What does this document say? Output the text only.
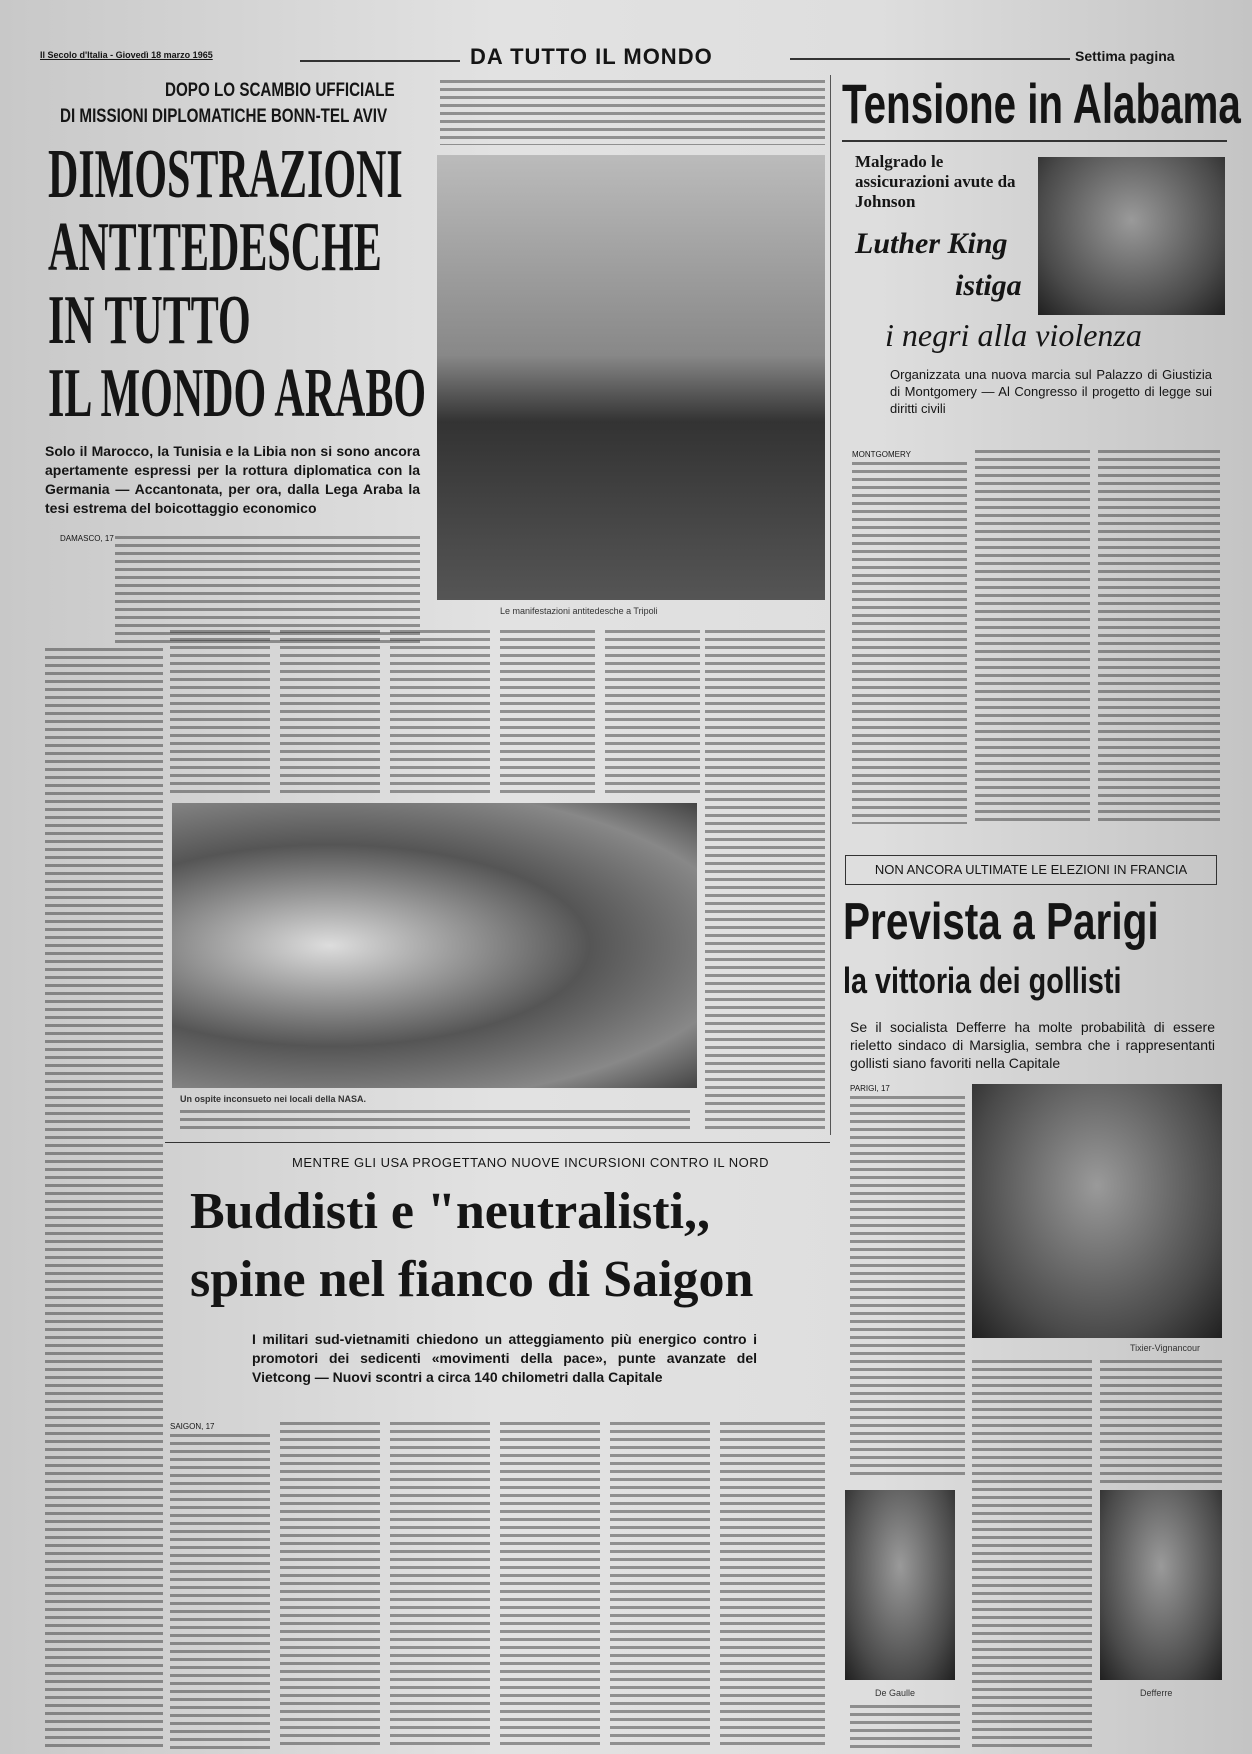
Il Secolo d'Italia - Giovedì 18 marzo 1965	DA TUTTO IL MONDO	Settima pagina
DOPO LO SCAMBIO UFFICIALE
DI MISSIONI DIPLOMATICHE BONN-TEL AVIV
DIMOSTRAZIONI
ANTITEDESCHE
IN TUTTO
IL MONDO ARABO
Solo il Marocco, la Tunisia e la Libia non si sono ancora apertamente espressi per la rottura diplomatica con la Germania — Accantonata, per ora, dalla Lega Araba la tesi estrema del boicottaggio economico
DAMASCO, 17
Le manifestazioni antitedesche a Tripoli
Un ospite inconsueto nei locali della NASA.
MENTRE GLI USA PROGETTANO NUOVE INCURSIONI CONTRO IL NORD
Buddisti e "neutralisti,,
spine nel fianco di Saigon
I militari sud-vietnamiti chiedono un atteggiamento più energico contro i promotori dei sedicenti «movimenti della pace», punte avanzate del Vietcong — Nuovi scontri a circa 140 chilometri dalla Capitale
SAIGON, 17
Tensione in Alabama
Malgrado le assicurazioni avute da Johnson
Luther King
istiga
i negri alla violenza
Organizzata una nuova marcia sul Palazzo di Giustizia di Montgomery — Al Congresso il progetto di legge sui diritti civili
MONTGOMERY
NON ANCORA ULTIMATE LE ELEZIONI IN FRANCIA
Prevista a Parigi
la vittoria dei gollisti
Se il socialista Defferre ha molte probabilità di essere rieletto sindaco di Marsiglia, sembra che i rappresentanti gollisti siano favoriti nella Capitale
PARIGI, 17
Tixier-Vignancour
De Gaulle	Defferre
